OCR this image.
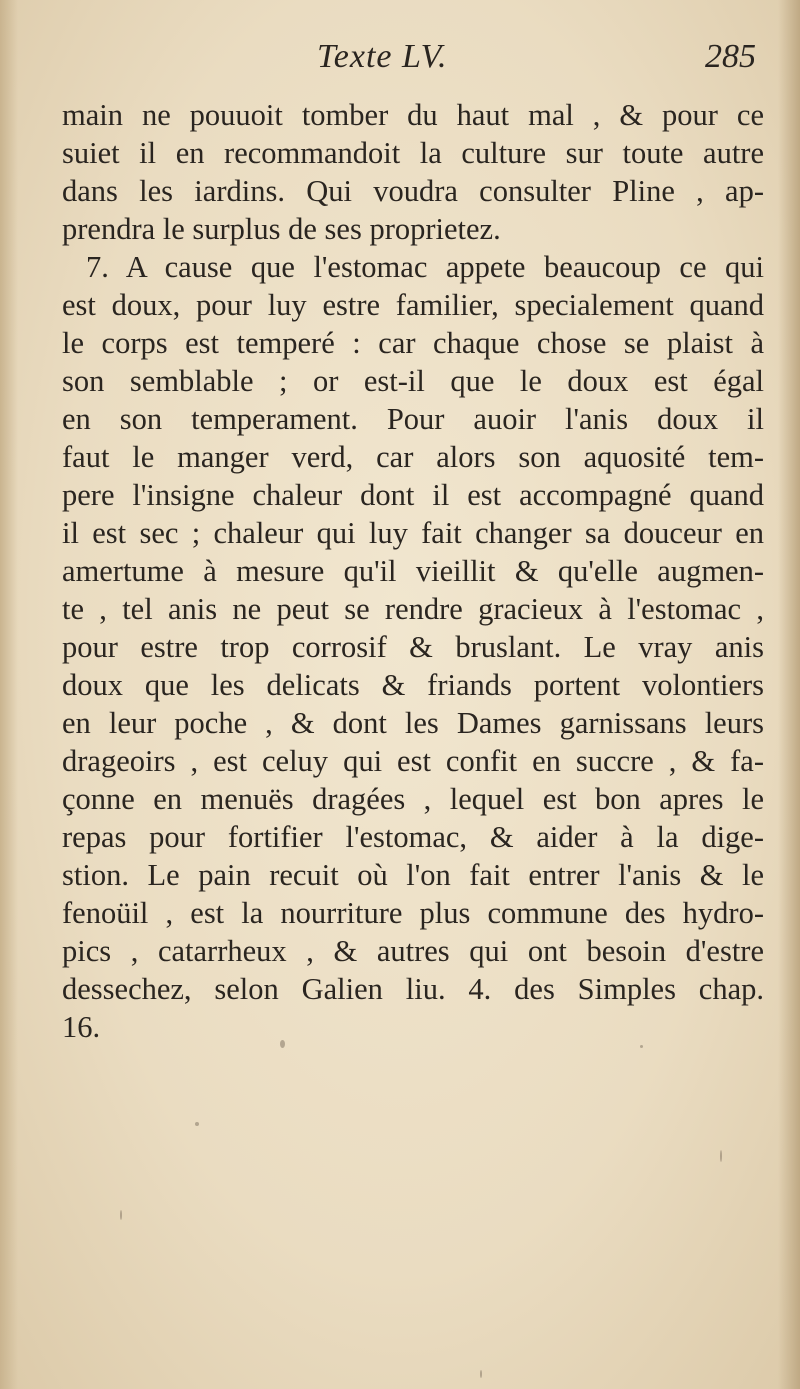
Texte LV.	285
main ne pouuoit tomber du haut mal , & pour ce
suiet il en recommandoit la culture sur toute autre
dans les iardins. Qui voudra consulter Pline , ap-
prendra le surplus de ses proprietez.
7. A cause que l'estomac appete beaucoup ce qui
est doux, pour luy estre familier, specialement quand
le corps est temperé : car chaque chose se plaist à
son semblable ; or est-il que le doux est égal
en son temperament. Pour auoir l'anis doux il
faut le manger verd, car alors son aquosité tem-
pere l'insigne chaleur dont il est accompagné quand
il est sec ; chaleur qui luy fait changer sa douceur en
amertume à mesure qu'il vieillit & qu'elle augmen-
te , tel anis ne peut se rendre gracieux à l'estomac ,
pour estre trop corrosif & bruslant. Le vray anis
doux que les delicats & friands portent volontiers
en leur poche , & dont les Dames garnissans leurs
drageoirs , est celuy qui est confit en succre , & fa-
çonne en menuës dragées , lequel est bon apres le
repas pour fortifier l'estomac, & aider à la dige-
stion. Le pain recuit où l'on fait entrer l'anis & le
fenoüil , est la nourriture plus commune des hydro-
pics , catarrheux , & autres qui ont besoin d'estre
dessechez, selon Galien liu. 4. des Simples chap.
16.
